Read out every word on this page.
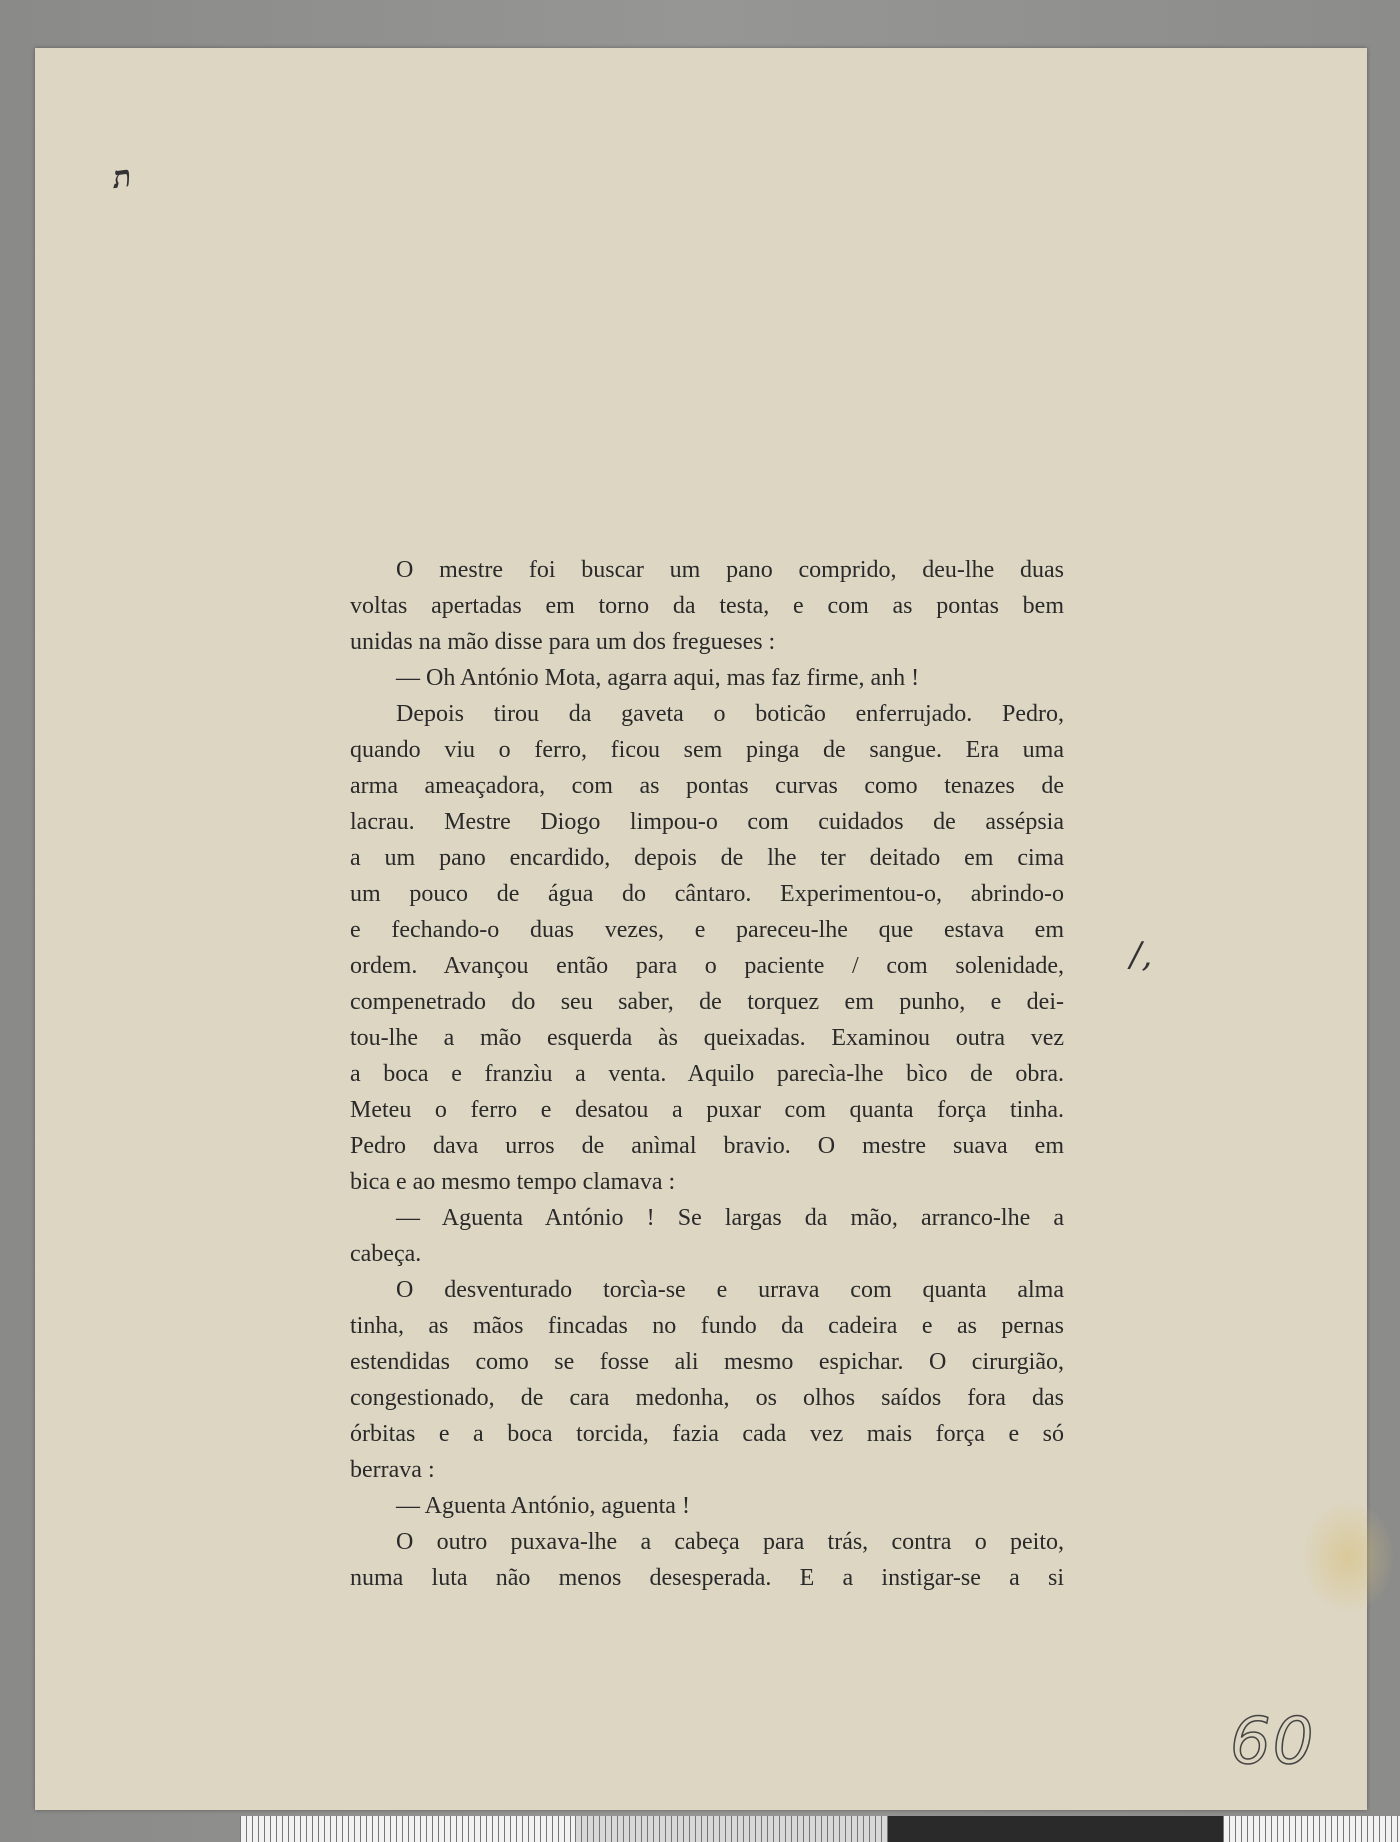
ת
/,
60
O mestre foi buscar um pano comprido, deu-lhe duas
voltas apertadas em torno da testa, e com as pontas bem
unidas na mão disse para um dos fregueses :
— Oh António Mota, agarra aqui, mas faz firme, anh !
Depois tirou da gaveta o boticão enferrujado. Pedro,
quando viu o ferro, ficou sem pinga de sangue. Era uma
arma ameaçadora, com as pontas curvas como tenazes de
lacrau. Mestre Diogo limpou-o com cuidados de assépsia
a um pano encardido, depois de lhe ter deitado em cima
um pouco de água do cântaro. Experimentou-o, abrindo-o
e fechando-o duas vezes, e pareceu-lhe que estava em
ordem. Avançou então para o paciente / com solenidade,
compenetrado do seu saber, de torquez em punho, e dei-
tou-lhe a mão esquerda às queixadas. Examinou outra vez
a boca e franzìu a venta. Aquilo parecìa-lhe bìco de obra.
Meteu o ferro e desatou a puxar com quanta força tinha.
Pedro dava urros de anìmal bravio. O mestre suava em
bica e ao mesmo tempo clamava :
— Aguenta António ! Se largas da mão, arranco-lhe a
cabeça.
O desventurado torcìa-se e urrava com quanta alma
tinha, as mãos fincadas no fundo da cadeira e as pernas
estendidas como se fosse ali mesmo espichar. O cirurgião,
congestionado, de cara medonha, os olhos saídos fora das
órbitas e a boca torcida, fazia cada vez mais força e só
berrava :
— Aguenta António, aguenta !
O outro puxava-lhe a cabeça para trás, contra o peito,
numa luta não menos desesperada. E a instigar-se a si
